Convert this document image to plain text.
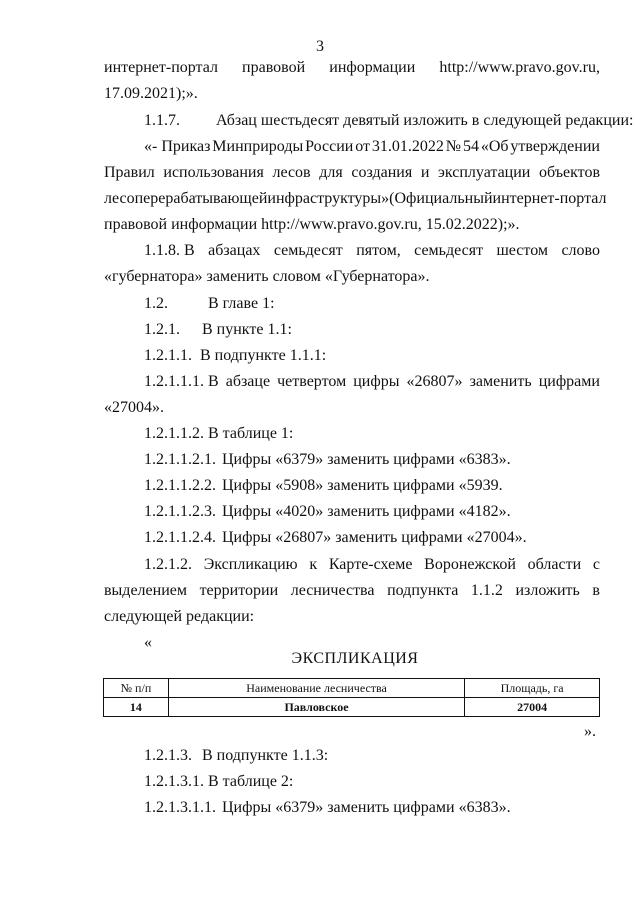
3
интернет-портал правовой информации http://www.pravo.gov.ru,
17.09.2021);».
1.1.7. Абзац шестьдесят девятый изложить в следующей редакции:
«- Приказ Минприроды России от 31.01.2022 № 54 «Об утверждении
Правил использования лесов для создания и эксплуатации объектов
лесоперерабатывающей инфраструктуры» (Официальный интернет-портал
правовой информации http://www.pravo.gov.ru, 15.02.2022);».
1.1.8. В абзацах семьдесят пятом, семьдесят шестом слово
«губернатора» заменить словом «Губернатора».
1.2.	В главе 1:
1.2.1. В пункте 1.1:
1.2.1.1. В подпункте 1.1.1:
1.2.1.1.1. В абзаце четвертом цифры «26807» заменить цифрами
«27004».
1.2.1.1.2. В таблице 1:
1.2.1.1.2.1. Цифры «6379» заменить цифрами «6383».
1.2.1.1.2.2. Цифры «5908» заменить цифрами «5939.
1.2.1.1.2.3. Цифры «4020» заменить цифрами «4182».
1.2.1.1.2.4. Цифры «26807» заменить цифрами «27004».
1.2.1.2. Экспликацию к Карте-схеме Воронежской области с
выделением территории лесничества подпункта 1.1.2 изложить в
следующей редакции:
«
ЭКСПЛИКАЦИЯ
№ п/п	Наименование лесничества	Площадь, га
14	Павловское	27004
».
1.2.1.3. В подпункте 1.1.3:
1.2.1.3.1. В таблице 2:
1.2.1.3.1.1. Цифры «6379» заменить цифрами «6383».
